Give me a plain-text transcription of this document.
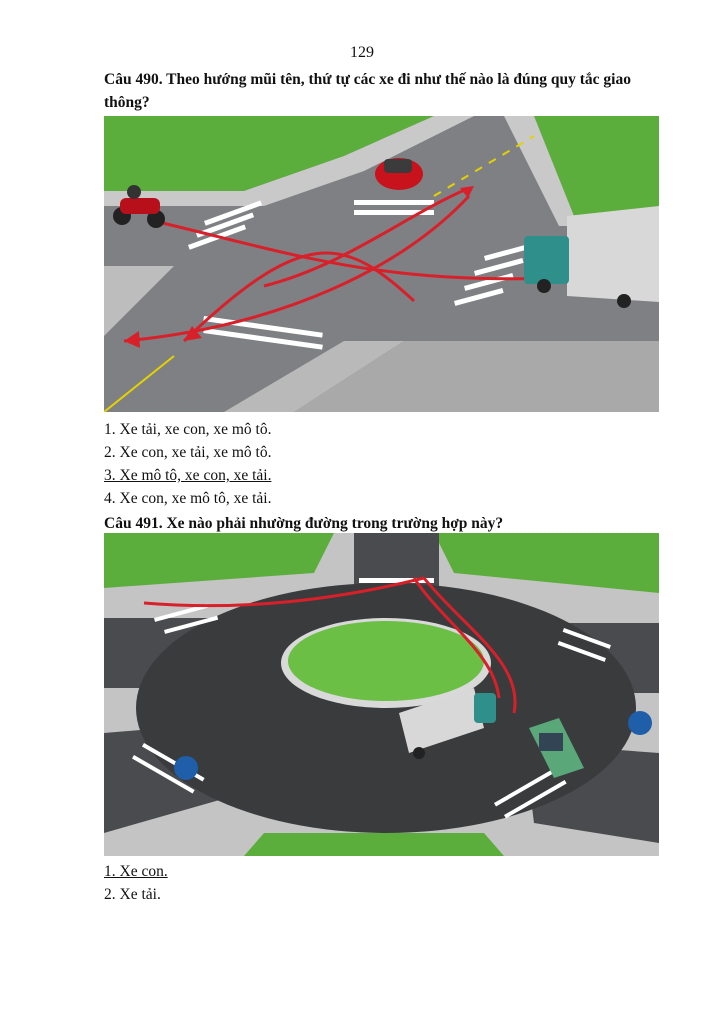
129
Câu 490. Theo hướng mũi tên, thứ tự các xe đi như thế nào là đúng quy tắc giao thông?
1. Xe tải, xe con, xe mô tô.
2. Xe con, xe tải, xe mô tô.
3. Xe mô tô, xe con, xe tải.
4. Xe con, xe mô tô, xe tải.
Câu 491. Xe nào phải nhường đường trong trường hợp này?
1. Xe con.
2. Xe tải.
